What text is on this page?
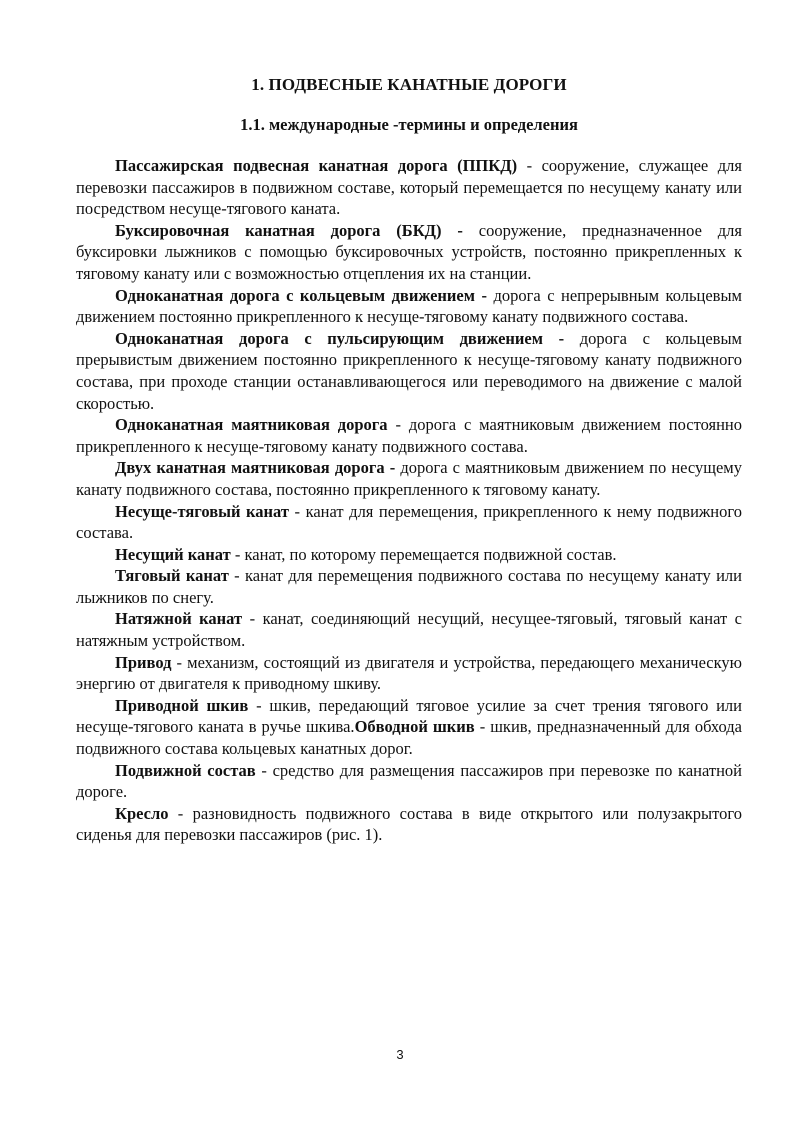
1. ПОДВЕСНЫЕ КАНАТНЫЕ ДОРОГИ
1.1. международные -термины и определения

Пассажирская подвесная канатная дорога (ППКД) - сооружение, служащее для перевозки пассажиров в подвижном составе, который перемещается по несущему канату или посредством несуще-тягового каната.

Буксировочная канатная дорога (БКД) - сооружение, предназначенное для буксировки лыжников с помощью буксировочных устройств, постоянно прикрепленных к тяговому канату или с возможностью отцепления их на станции.

Одноканатная дорога с кольцевым движением - дорога с непрерывным кольцевым движением постоянно прикрепленного к несуще-тяговому канату подвижного состава.

Одноканатная дорога с пульсирующим движением - дорога с кольцевым прерывистым движением постоянно прикрепленного к несуще-тяговому канату подвижного состава, при проходе станции останавливающегося или переводимого на движение с малой скоростью.

Одноканатная маятниковая дорога - дорога с маятниковым движением постоянно прикрепленного к несуще-тяговому канату подвижного состава.

Двух канатная маятниковая дорога - дорога с маятниковым движением по несущему канату подвижного состава, постоянно прикрепленного к тяговому канату.

Несуще-тяговый канат - канат для перемещения, прикрепленного к нему подвижного состава.

Несущий канат - канат, по которому перемещается подвижной состав.

Тяговый канат - канат для перемещения подвижного состава по несущему канату или лыжников по снегу.

Натяжной канат - канат, соединяющий несущий, несущее-тяговый, тяговый канат с натяжным устройством.

Привод - механизм, состоящий из двигателя и устройства, передающего механическую энергию от двигателя к приводному шкиву.

Приводной шкив - шкив, передающий тяговое усилие за счет трения тягового или несуще-тягового каната в ручье шкива.Обводной шкив - шкив, предназначенный для обхода подвижного состава кольцевых канатных дорог.

Подвижной состав - средство для размещения пассажиров при перевозке по канатной дороге.

Кресло - разновидность подвижного состава в виде открытого или полузакрытого сиденья для перевозки пассажиров (рис. 1).

3
